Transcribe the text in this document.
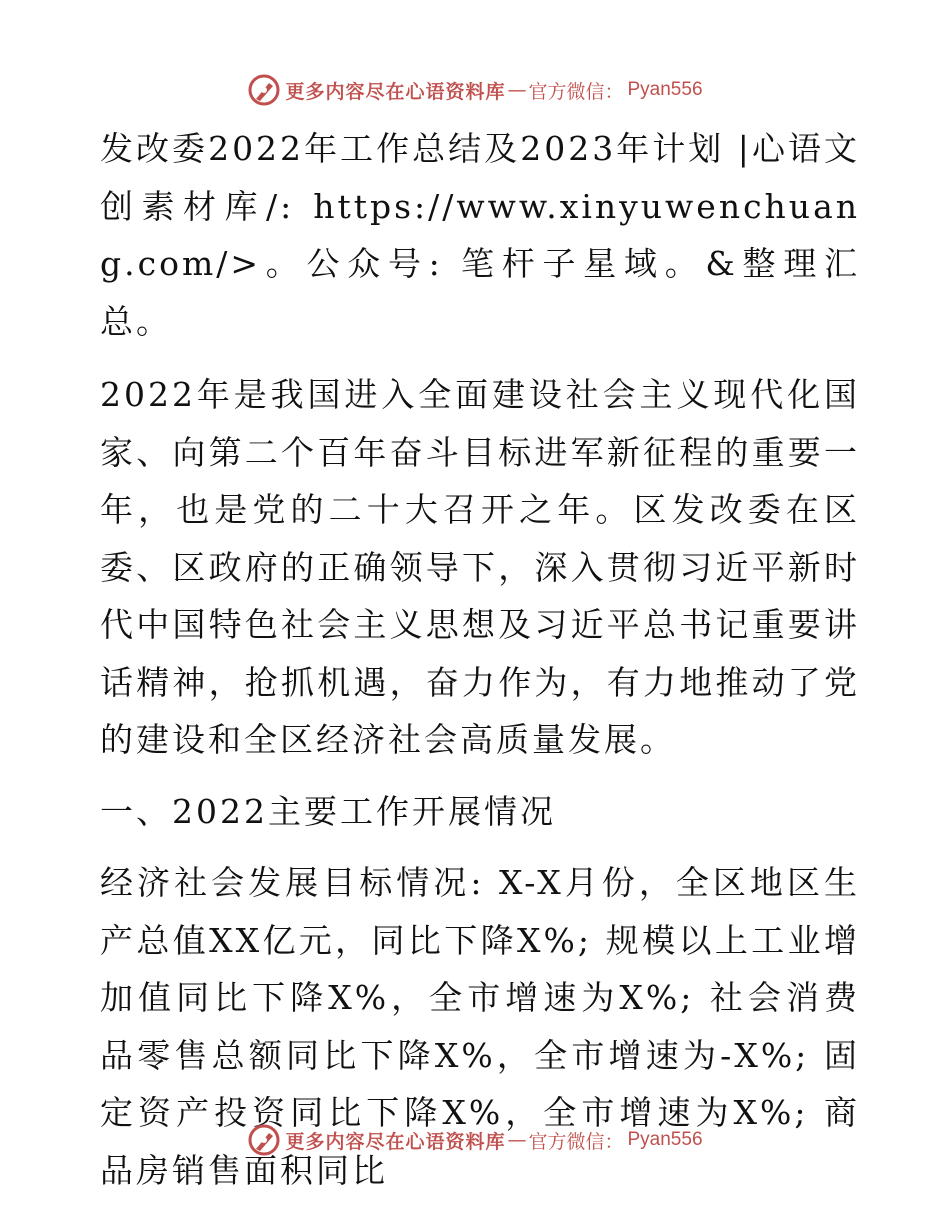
更多内容尽在心语资料库 — 官方微信： Pyan556

发改委2022年工作总结及2023年计划 |心语文创素材库/: https://www.xinyuwenchuang.com/>。公众号: 笔杆子星域。&整理汇总。

2022年是我国进入全面建设社会主义现代化国家、向第二个百年奋斗目标进军新征程的重要一年，也是党的二十大召开之年。区发改委在区委、区政府的正确领导下，深入贯彻习近平新时代中国特色社会主义思想及习近平总书记重要讲话精神，抢抓机遇，奋力作为，有力地推动了党的建设和全区经济社会高质量发展。

一、2022主要工作开展情况

经济社会发展目标情况: X-X月份，全区地区生产总值XX亿元，同比下降X%; 规模以上工业增加值同比下降X%，全市增速为X%; 社会消费品零售总额同比下降X%，全市增速为-X%; 固定资产投资同比下降X%，全市增速为X%; 商品房销售面积同比

更多内容尽在心语资料库 — 官方微信： Pyan556
